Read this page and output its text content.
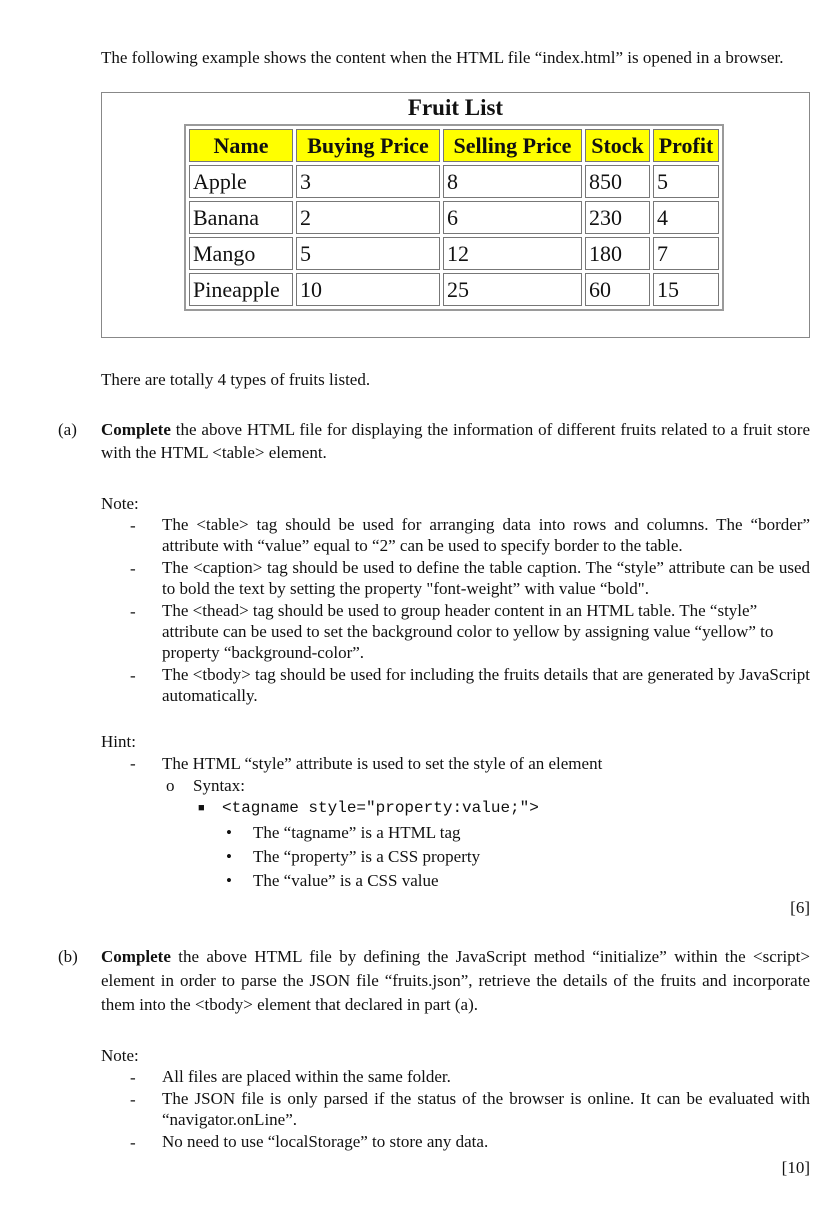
The following example shows the content when the HTML file “index.html” is opened in a browser.

Fruit List
Name	Buying Price	Selling Price	Stock	Profit
Apple	3	8	850	5
Banana	2	6	230	4
Mango	5	12	180	7
Pineapple	10	25	60	15

There are totally 4 types of fruits listed.

(a) Complete the above HTML file for displaying the information of different fruits related to a fruit store with the HTML <table> element.

Note:

- The <table> tag should be used for arranging data into rows and columns. The “border” attribute with “value” equal to “2” can be used to specify border to the table.

- The <caption> tag should be used to define the table caption. The “style” attribute can be used to bold the text by setting the property "font-weight” with value “bold".

- The <thead> tag should be used to group header content in an HTML table. The “style” attribute can be used to set the background color to yellow by assigning value “yellow” to property “background-color”.

- The <tbody> tag should be used for including the fruits details that are generated by JavaScript automatically.

Hint:

- The HTML “style” attribute is used to set the style of an element

o Syntax:

■ <tagname style="property:value;">

• The “tagname” is a HTML tag

• The “property” is a CSS property

• The “value” is a CSS value

[6]
(b) Complete the above HTML file by defining the JavaScript method “initialize” within the <script> element in order to parse the JSON file “fruits.json”, retrieve the details of the fruits and incorporate them into the <tbody> element that declared in part (a).

Note:

- All files are placed within the same folder.

- The JSON file is only parsed if the status of the browser is online. It can be evaluated with “navigator.onLine”.

- No need to use “localStorage” to store any data.

[10]
